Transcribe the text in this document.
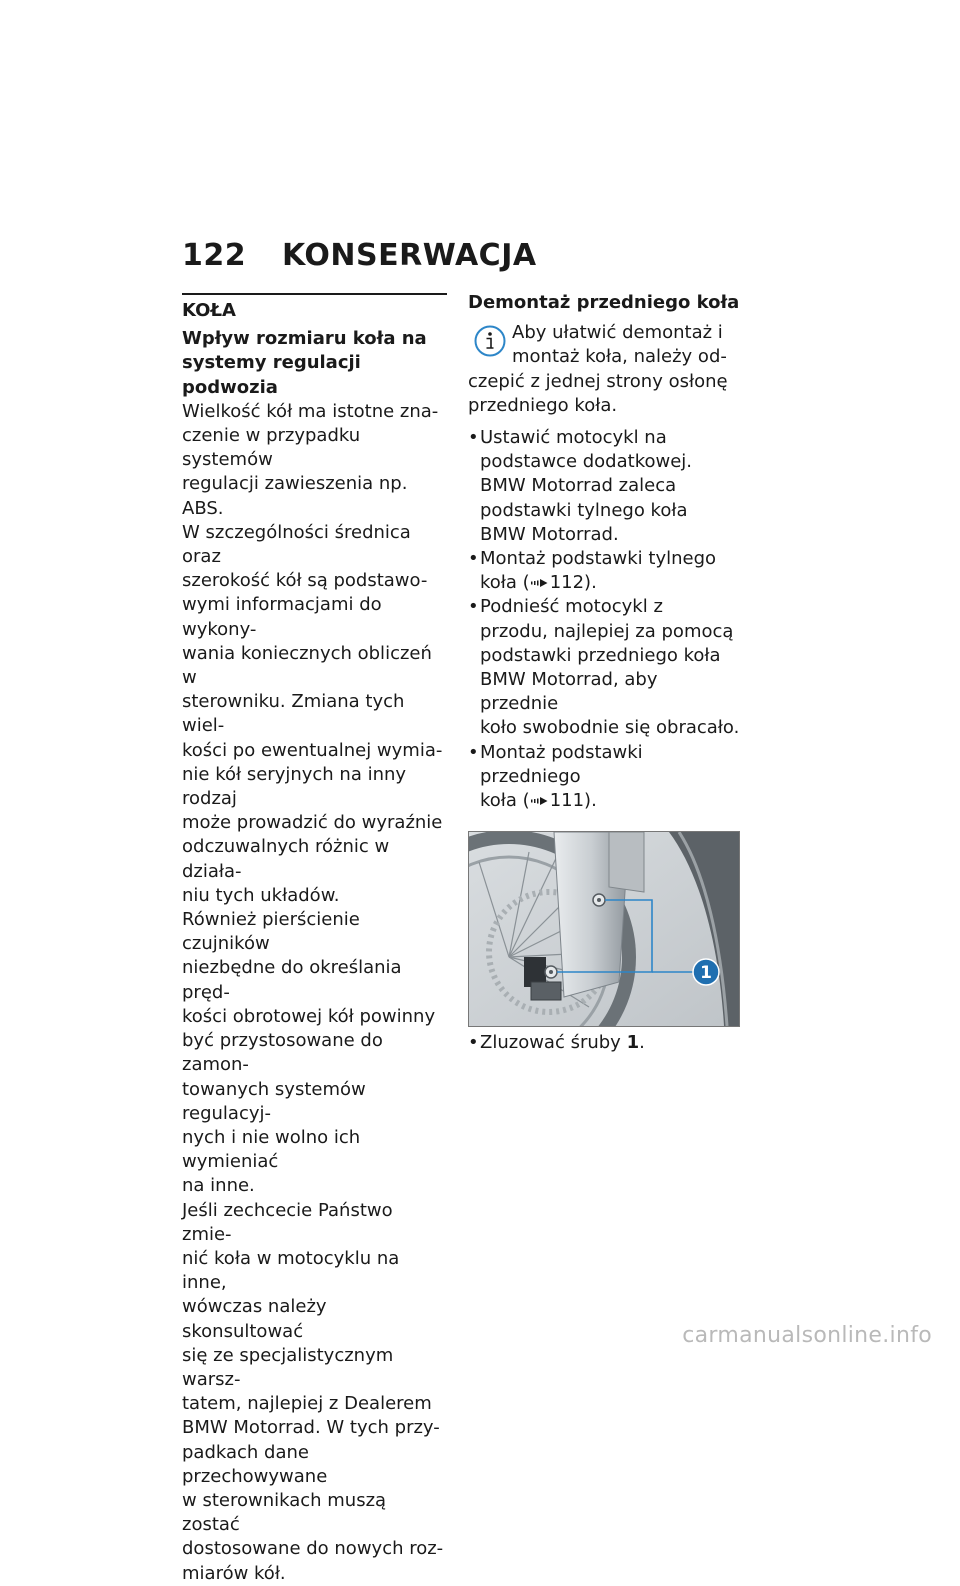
122 KONSERWACJA
KOŁA

Wpływ rozmiaru koła na
systemy regulacji podwozia

Wielkość kół ma istotne zna-
czenie w przypadku systemów
regulacji zawieszenia np. ABS.
W szczególności średnica oraz
szerokość kół są podstawo-
wymi informacjami do wykony-
wania koniecznych obliczeń w
sterowniku. Zmiana tych wiel-
kości po ewentualnej wymia-
nie kół seryjnych na inny rodzaj
może prowadzić do wyraźnie
odczuwalnych różnic w działa-
niu tych układów.

Również pierścienie czujników
niezbędne do określania pręd-
kości obrotowej kół powinny
być przystosowane do zamon-
towanych systemów regulacyj-
nych i nie wolno ich wymieniać
na inne.

Jeśli zechcecie Państwo zmie-
nić koła w motocyklu na inne,
wówczas należy skonsultować
się ze specjalistycznym warsz-
tatem, najlepiej z Dealerem
BMW Motorrad. W tych przy-
padkach dane przechowywane
w sterownikach muszą zostać
dostosowane do nowych roz-
miarów kół.

Demontaż przedniego koła

Aby ułatwić demontaż i
montaż koła, należy od-
czepić z jednej strony osłonę
przedniego koła.

• Ustawić motocykl na
podstawce dodatkowej.
BMW Motorrad zaleca
podstawki tylnego koła
BMW Motorrad.
• Montaż podstawki tylnego
koła ( 112).
• Podnieść motocykl z
przodu, najlepiej za pomocą
podstawki przedniego koła
BMW Motorrad, aby przednie
koło swobodnie się obracało.
• Montaż podstawki przedniego
koła ( 111).
1
• Zluzować śruby 1.
carmanualsonline.info
